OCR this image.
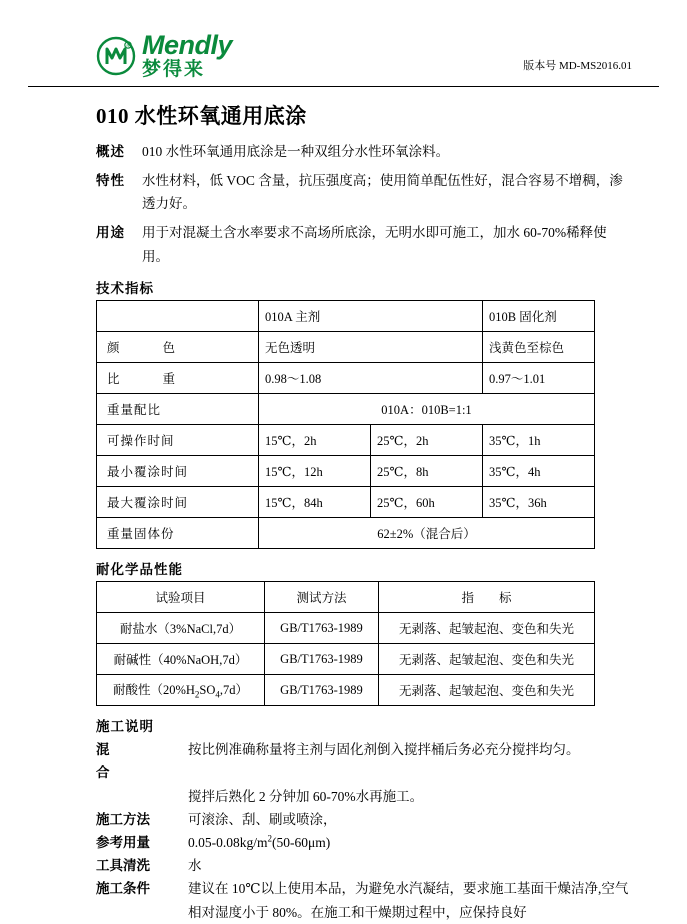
R Mendly
梦得来	版本号 MD-MS2016.01
010 水性环氧通用底涂
概述	010 水性环氧通用底涂是一种双组分水性环氧涂料。
特性	水性材料，低 VOC 含量，抗压强度高；使用简单配伍性好，混合容易不增稠，渗透力好。
用途	用于对混凝土含水率要求不高场所底涂，无明水即可施工，加水 60-70%稀释使用。
技术指标
	010A 主剂		010B 固化剂
颜　　色	无色透明		浅黄色至棕色
比　　重	0.98～1.08		0.97～1.01
重量配比	010A：010B=1:1		
可操作时间	15℃，2h	25℃，2h	35℃，1h
最小覆涂时间	15℃，12h	25℃，8h	35℃，4h
最大覆涂时间	15℃，84h	25℃，60h	35℃，36h
重量固体份	62±2%（混合后）		
耐化学品性能
试验项目	测试方法	指　　标
耐盐水（3%NaCl,7d）	GB/T1763-1989	无剥落、起皱起泡、变色和失光
耐碱性（40%NaOH,7d）	GB/T1763-1989	无剥落、起皱起泡、变色和失光
耐酸性$(20\%H_2SO_4,7d)$	GB/T1763-1989	无剥落、起皱起泡、变色和失光
施工说明
混　　合
按比例准确称量将主剂与固化剂倒入搅拌桶后务必充分搅拌均匀。
搅拌后熟化 2 分钟加 60-70%水再施工。
施工方法	可滚涂、刮、刷或喷涂，
参考用量	$0.05-0.08kg/m^2(50-60\mu m)$
工具清洗	水
施工条件	建议在 10℃以上使用本品，为避免水汽凝结，要求施工基面干燥洁净,空气相对湿度小于 80%。在施工和干燥期过程中，应保持良好
